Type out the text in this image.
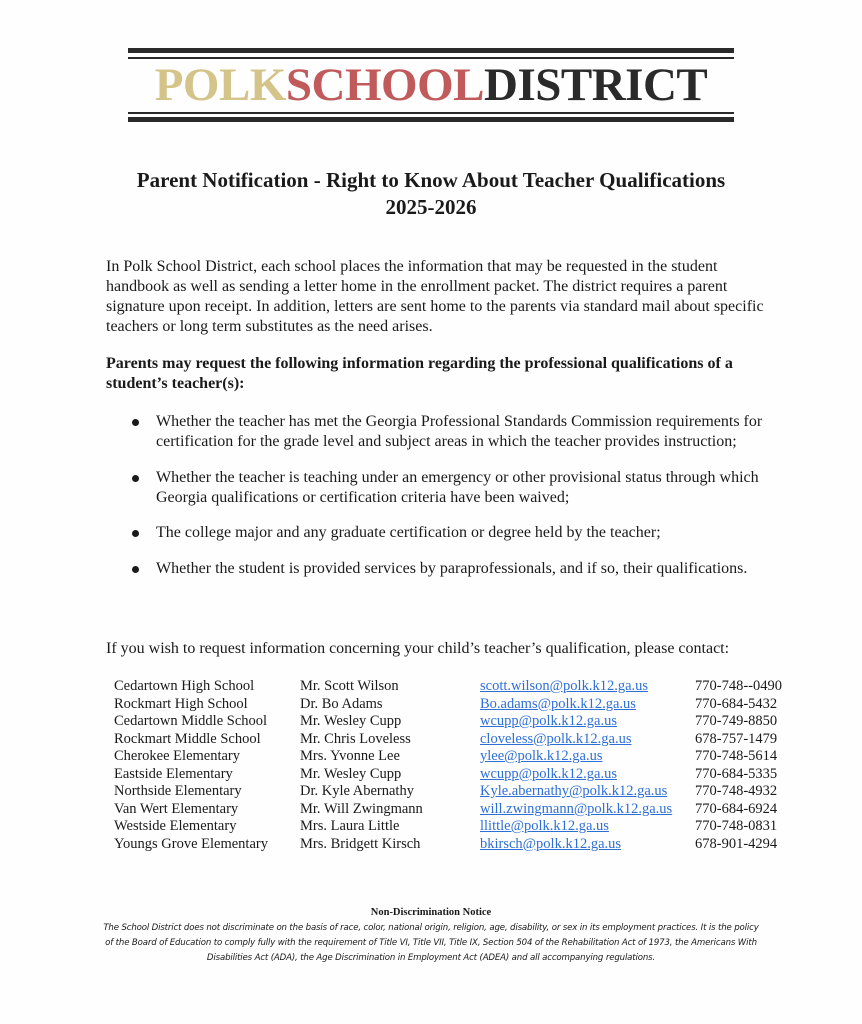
POLKSCHOOLDISTRICT
Parent Notification - Right to Know About Teacher Qualifications
2025-2026
In Polk School District, each school places the information that may be requested in the student handbook as well as sending a letter home in the enrollment packet. The district requires a parent signature upon receipt. In addition, letters are sent home to the parents via standard mail about specific teachers or long term substitutes as the need arises.
Parents may request the following information regarding the professional qualifications of a student’s teacher(s):
Whether the teacher has met the Georgia Professional Standards Commission requirements for certification for the grade level and subject areas in which the teacher provides instruction;
Whether the teacher is teaching under an emergency or other provisional status through which Georgia qualifications or certification criteria have been waived;
The college major and any graduate certification or degree held by the teacher;
Whether the student is provided services by paraprofessionals, and if so, their qualifications.
If you wish to request information concerning your child’s teacher’s qualification, please contact:
Cedartown High School	Mr. Scott Wilson	scott.wilson@polk.k12.ga.us	770-748--0490
Rockmart High School	Dr. Bo Adams	Bo.adams@polk.k12.ga.us	770-684-5432
Cedartown Middle School Mr. Wesley Cupp	wcupp@polk.k12.ga.us	770-749-8850
Rockmart Middle School	Mr. Chris Loveless	cloveless@polk.k12.ga.us	678-757-1479
Cherokee Elementary	Mrs. Yvonne Lee	ylee@polk.k12.ga.us	770-748-5614
Eastside Elementary	Mr. Wesley Cupp	wcupp@polk.k12.ga.us	770-684-5335
Northside Elementary	Dr. Kyle Abernathy	Kyle.abernathy@polk.k12.ga.us 770-748-4932
Van Wert Elementary	Mr. Will Zwingmann	will.zwingmann@polk.k12.ga.us 770-684-6924
Westside Elementary	Mrs. Laura Little	llittle@polk.k12.ga.us	770-748-0831
Youngs Grove Elementary Mrs. Bridgett Kirsch	bkirsch@polk.k12.ga.us	678-901-4294
Non-Discrimination Notice
The School District does not discriminate on the basis of race, color, national origin, religion, age, disability, or sex in its employment practices. It is the policy of the Board of Education to comply fully with the requirement of Title VI, Title VII, Title IX, Section 504 of the Rehabilitation Act of 1973, the Americans With Disabilities Act (ADA), the Age Discrimination in Employment Act (ADEA) and all accompanying regulations.
